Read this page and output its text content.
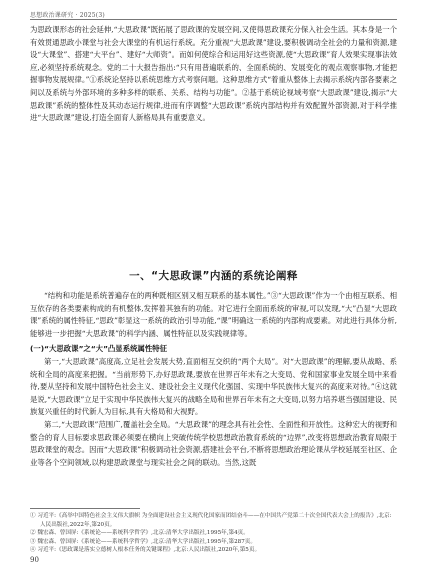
思想政治课研究 · 2025(3)

为思政课形态的社会延伸,“大思政课”既拓展了思政课的发展空间,又使得思政课充分保入社会生活。其本身是一个有效贯通思政小课堂与社会大课堂的有机运行系统。充分重视“大思政课”建设,要积极调动全社会的力量和资源,建设“大课堂”、搭建“大平台”、建好“大师资”。而如何使综合和运用好这些资源,使“大思政课”育人效果实现事法效应,必须坚持系统观念。党的二十大报告指出:“只有用普遍联系的、全面系统的、发展变化的观点观察事物,才能把握事物发展规律。”①系统论坚持以系统思维方式考察问题。这种思维方式“着重从整体上去揭示系统内部各要素之间以及系统与外部环境的多种多样的联系、关系、结构与功能”。②基于系统论视域考察“大思政课”建设,揭示“大思政课”系统的整体性及其动态运行规律,进而有序调整“大思政课”系统内部结构并有效配置外部资源,对于科学推进“大思政课”建设,打造全面育人新格局具有重要意义。

一、“大思政课”内涵的系统论阐释

“结构和功能是系统普遍存在的两种既相区别又相互联系的基本属性。”③“大思政课”作为一个由相互联系、相互依存的各类要素构成的有机整体,发挥着其独有的功能。对它进行全面而系统的审视,可以发现,“大”凸显“大思政课”系统的属性特征,“思政”彰显这一系统的政治引导功能,“课”明确这一系统的内部构成要素。对此进行具体分析,能够进一步把握“大思政课”的科学内涵、属性特征以及实践规律等。

(一)“大思政课”之“大”凸显系统属性特征

第一,“大思政课”高度高,立足社会发展大势,直面相互交织的“两个大局”。对“大思政课”的理解,要从战略、系统和全局的高度来把握。“当前形势下,办好思政课,要放在世界百年未有之大变局、党和国家事业发展全局中来看待,要从坚持和发展中国特色社会主义、建设社会主义现代化强国、实现中华民族伟大复兴的高度来对待。”④这就是说,“大思政课”立足于实现中华民族伟大复兴的战略全局和世界百年未有之大变局,以努力培养堪当强国建设、民族复兴重任的时代新人为目标,具有大格局和大视野。

第二,“大思政课”范围广,覆盖社会全局。“大思政课”的理念具有社会性、全面性和开放性。这种宏大的视野和整合的育人目标要求思政课必须要在横向上突破传统学校思想政治教育系统的“边界”,改变将思想政治教育局限于思政课堂的观念。因而“大思政课”积极调动社会资源,搭建社会平台,不断将思想政治理论课从学校延展至社区、企业等各个空间领域,以构建思政课堂与现实社会之间的联动。当然,这既

① 习近平:《高举中国特色社会主义伟大旗帜 为全面建设社会主义现代化国家而团结奋斗——在中国共产党第二十次全国代表大会上的报告》,北京:人民出版社,2022年,第20页。

② 魏宏森、曾国屏:《系统论——系统科学哲学》,北京:清华大学出版社,1995年,第4页。

③ 魏宏森、曾国屏:《系统论——系统科学哲学》,北京:清华大学出版社,1995年,第287页。

④ 习近平:《思政课是落实立德树人根本任务的关键课程》,北京:人民出版社,2020年,第5页。

90
